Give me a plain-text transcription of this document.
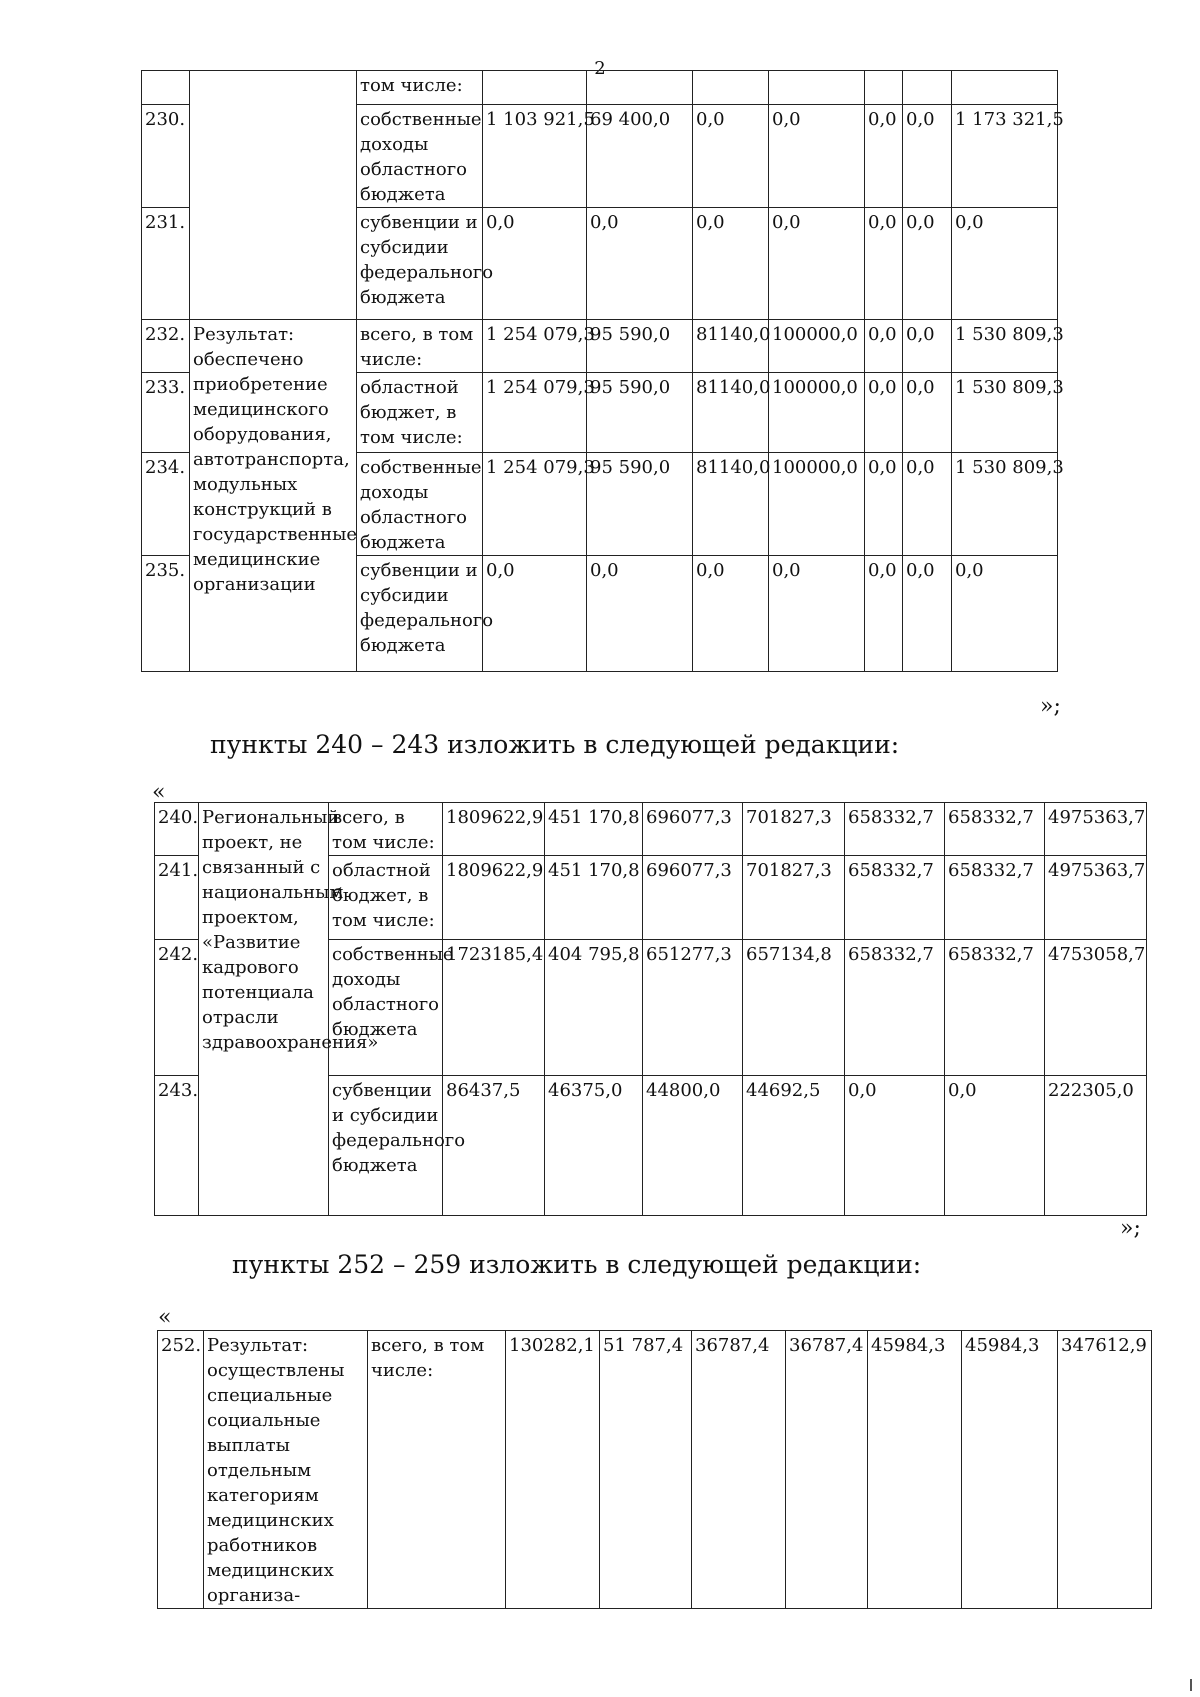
2
		том числе:							
230.		собственные доходы областного бюджета	1 103 921,5	69 400,0	0,0	0,0	0,0	0,0	1 173 321,5
231.		субвенции и субсидии федерального бюджета	0,0	0,0	0,0	0,0	0,0	0,0	0,0
232.	Результат: обеспечено приобретение медицинского оборудования, автотранспорта, модульных конструкций в государственные медицинские организации	всего, в том числе:	1 254 079,3	95 590,0	81140,0	100000,0	0,0	0,0	1 530 809,3
233.		областной бюджет, в том числе:	1 254 079,3	95 590,0	81140,0	100000,0	0,0	0,0	1 530 809,3
234.		собственные доходы областного бюджета	1 254 079,3	95 590,0	81140,0	100000,0	0,0	0,0	1 530 809,3
235.		субвенции и субсидии федерального бюджета	0,0	0,0	0,0	0,0	0,0	0,0	0,0
»;
пункты 240 – 243 изложить в следующей редакции:
«
240.	Региональный проект, не связанный с национальным проектом, «Развитие кадрового потенциала отрасли здравоохранения»	всего, в том числе:	1809622,9	451 170,8	696077,3	701827,3	658332,7	658332,7	4975363,7
241.		областной бюджет, в том числе:	1809622,9	451 170,8	696077,3	701827,3	658332,7	658332,7	4975363,7
242.		собственные доходы областного бюджета	1723185,4	404 795,8	651277,3	657134,8	658332,7	658332,7	4753058,7
243.		субвенции и субсидии федерального бюджета	86437,5	46375,0	44800,0	44692,5	0,0	0,0	222305,0
»;
пункты 252 – 259 изложить в следующей редакции:
«
252.	Результат: осуществлены специальные социальные выплаты отдельным категориям медицинских работников медицинских организа-	всего, в том числе:	130282,1	51 787,4	36787,4	36787,4	45984,3	45984,3	347612,9
